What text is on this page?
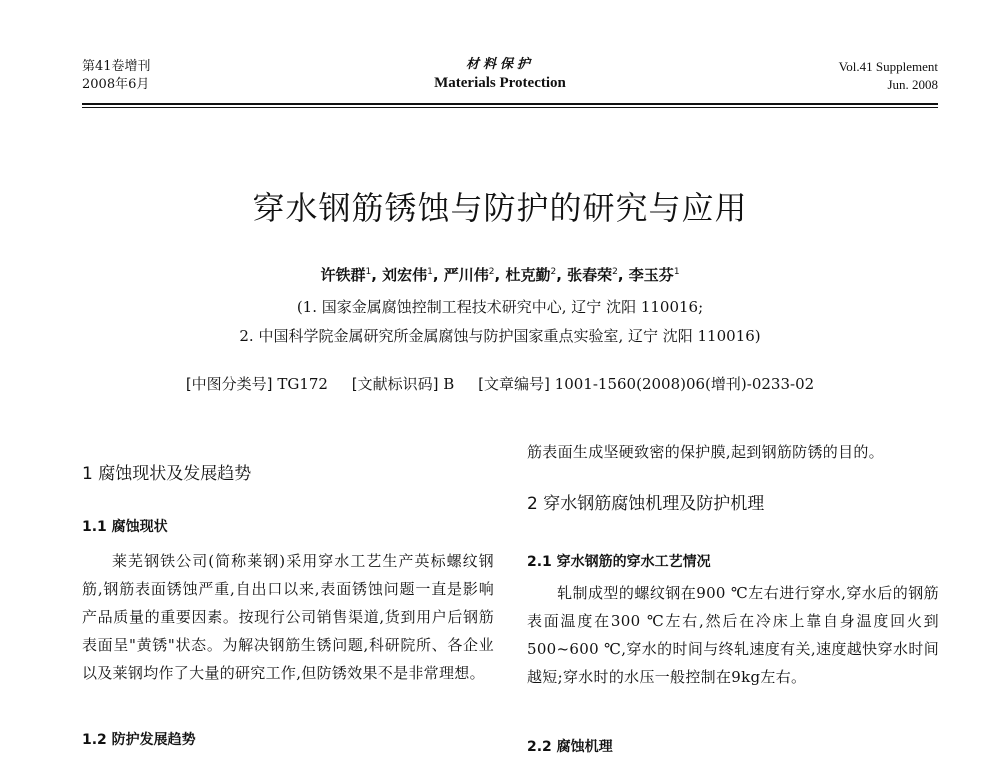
第41卷增刊
2008年6月
材料保护
Materials Protection
Vol.41 Supplement
Jun. 2008
穿水钢筋锈蚀与防护的研究与应用
许铁群$^1$, 刘宏伟$^1$, 严川伟$^2$, 杜克勤$^2$, 张春荣$^2$, 李玉芬$^1$
(1. 国家金属腐蚀控制工程技术研究中心, 辽宁 沈阳 110016;
2. 中国科学院金属研究所金属腐蚀与防护国家重点实验室, 辽宁 沈阳 110016)
[中图分类号] TG172 [文献标识码] B [文章编号] 1001-1560(2008)06(增刊)-0233-02
1 腐蚀现状及发展趋势
1.1 腐蚀现状
莱芜钢铁公司(简称莱钢)采用穿水工艺生产英标螺纹钢筋,钢筋表面锈蚀严重,自出口以来,表面锈蚀问题一直是影响产品质量的重要因素。按现行公司销售渠道,货到用户后钢筋表面呈"黄锈"状态。为解决钢筋生锈问题,科研院所、各企业以及莱钢均作了大量的研究工作,但防锈效果不是非常理想。
1.2 防护发展趋势
筋表面生成坚硬致密的保护膜,起到钢筋防锈的目的。
2 穿水钢筋腐蚀机理及防护机理
2.1 穿水钢筋的穿水工艺情况
轧制成型的螺纹钢在900 ℃左右进行穿水,穿水后的钢筋表面温度在300 ℃左右,然后在冷床上靠自身温度回火到500~600 ℃,穿水的时间与终轧速度有关,速度越快穿水时间越短;穿水时的水压一般控制在9kg左右。
2.2 腐蚀机理
